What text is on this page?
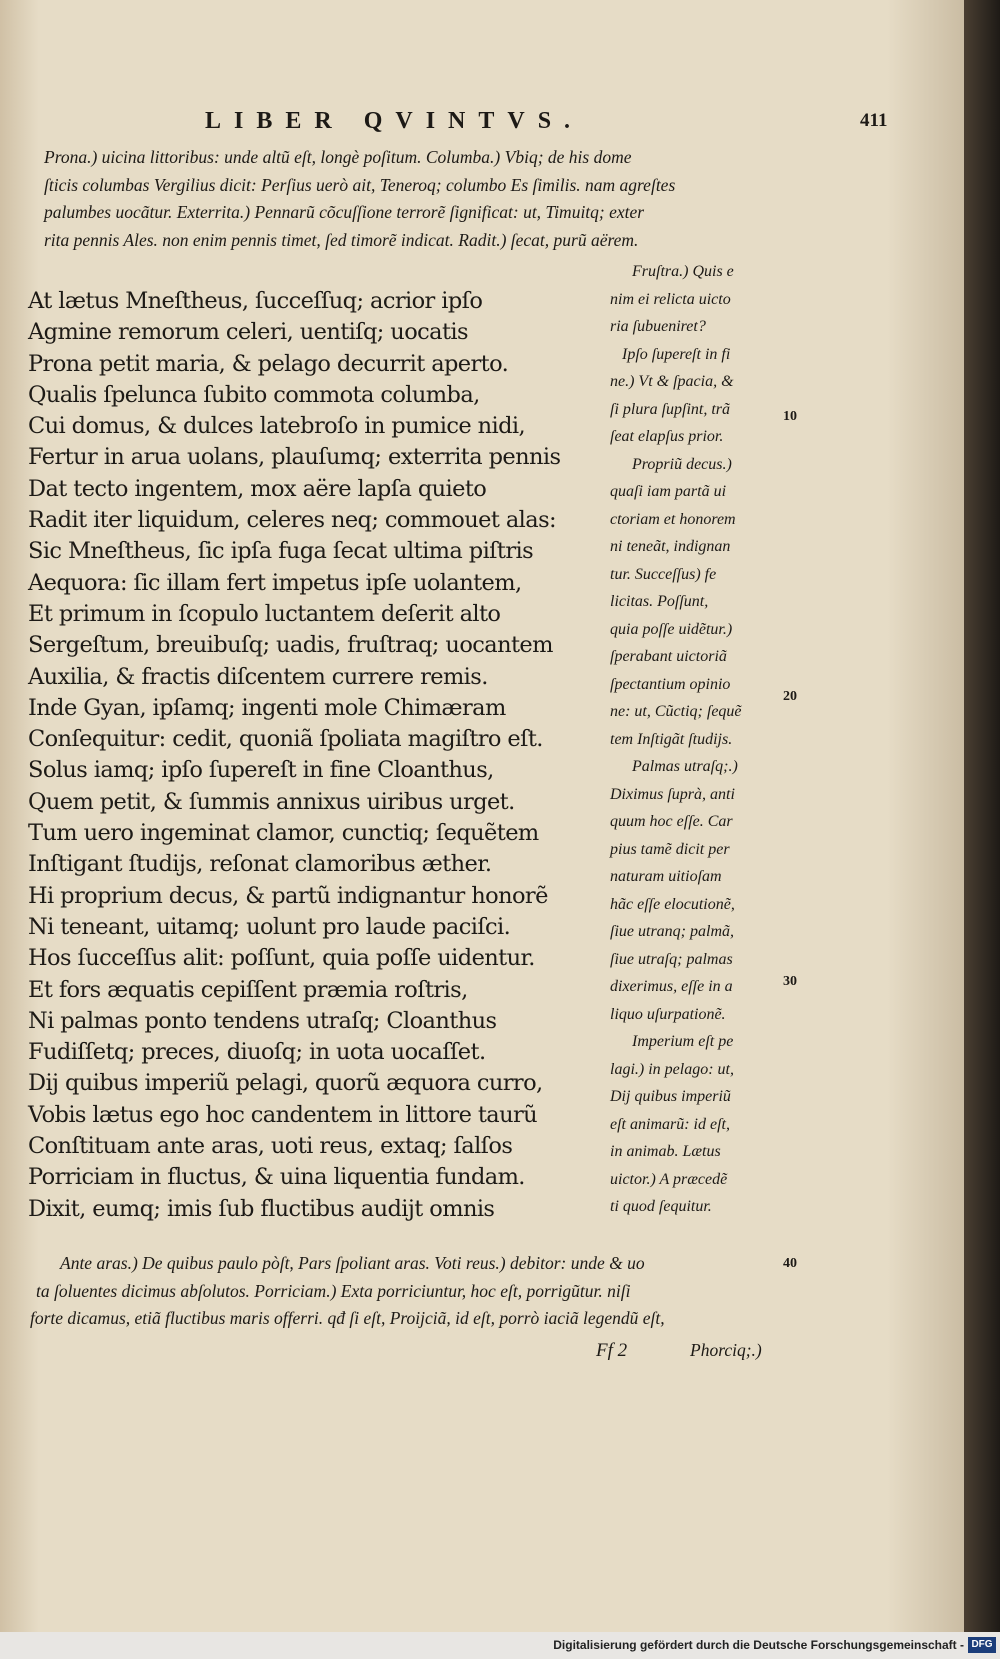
LIBER QVINTVS.	411
Prona.) uicina littoribus: unde altũ eſt, longè poſitum. Columba.) Vbiq; de his dome
ſticis columbas Vergilius dicit: Perſius uerò ait, Teneroq; columbo Es ſimilis. nam agreſtes
palumbes uocãtur. Exterrita.) Pennarũ cõcuſſione terrorẽ ſignificat: ut, Timuitq; exter
rita pennis Ales. non enim pennis timet, ſed timorẽ indicat. Radit.) ſecat, purũ aërem.
At lætus Mneſtheus, ſucceſſuq; acrior ipſo
Agmine remorum celeri, uentiſq; uocatis
Prona petit maria, & pelago decurrit aperto.
Qualis ſpelunca ſubito commota columba,
Cui domus, & dulces latebroſo in pumice nidi,
Fertur in arua uolans, plauſumq; exterrita pennis
Dat tecto ingentem, mox aëre lapſa quieto
Radit iter liquidum, celeres neq; commouet alas:
Sic Mneſtheus, ſic ipſa fuga ſecat ultima piſtris
Aequora: ſic illam fert impetus ipſe uolantem,
Et primum in ſcopulo luctantem deſerit alto
Sergeſtum, breuibuſq; uadis, fruſtraq; uocantem
Auxilia, & fractis diſcentem currere remis.
Inde Gyan, ipſamq; ingenti mole Chimæram
Conſequitur: cedit, quoniã ſpoliata magiſtro eſt.
Solus iamq; ipſo ſupereſt in fine Cloanthus,
Quem petit, & ſummis annixus uiribus urget.
Tum uero ingeminat clamor, cunctiq; ſequẽtem
Inſtigant ſtudijs, reſonat clamoribus æther.
Hi proprium decus, & partũ indignantur honorẽ
Ni teneant, uitamq; uolunt pro laude paciſci.
Hos ſucceſſus alit: poſſunt, quia poſſe uidentur.
Et fors æquatis cepiſſent præmia roſtris,
Ni palmas ponto tendens utraſq; Cloanthus
Fudiſſetq; preces, diuoſq; in uota uocaſſet.
Dij quibus imperiũ pelagi, quorũ æquora curro,
Vobis lætus ego hoc candentem in littore taurũ
Conſtituam ante aras, uoti reus, extaq; ſalſos
Porriciam in fluctus, & uina liquentia fundam.
Dixit, eumq; imis ſub fluctibus audijt omnis
Fruſtra.) Quis e
nim ei relicta uicto
ria ſubueniret?
Ipſo ſupereſt in fi
ne.) Vt & ſpacia, &
ſi plura ſupſint, trã
ſeat elapſus prior.
Propriũ decus.)
quaſi iam partã ui
ctoriam et honorem
ni teneãt, indignan
tur. Succeſſus) fe
licitas. Poſſunt,
quia poſſe uidẽtur.)
ſperabant uictoriã
ſpectantium opinio
ne: ut, Cũctiq; ſequẽ
tem Inſtigãt ſtudijs.
Palmas utraſq;.)
Diximus ſuprà, anti
quum hoc eſſe. Car
pius tamẽ dicit per
naturam uitioſam
hãc eſſe elocutionẽ,
ſiue utranq; palmã,
ſiue utraſq; palmas
dixerimus, eſſe in a
liquo uſurpationẽ.
Imperium eſt pe
lagi.) in pelago: ut,
Dij quibus imperiũ
eſt animarũ: id eſt,
in animab. Lætus
uictor.) A præcedẽ
ti quod ſequitur.
10
20
30
40
Ante aras.) De quibus paulo pòſt, Pars ſpoliant aras. Voti reus.) debitor: unde & uo
ta ſoluentes dicimus abſolutos. Porriciam.) Exta porriciuntur, hoc eſt, porrigũtur. niſi
forte dicamus, etiã fluctibus maris offerri. qđ ſi eſt, Proijciã, id eſt, porrò iaciã legendũ eſt,
Ff 2	Phorciq;.)
Digitalisierung gefördert durch die Deutsche Forschungsgemeinschaft - DFG
